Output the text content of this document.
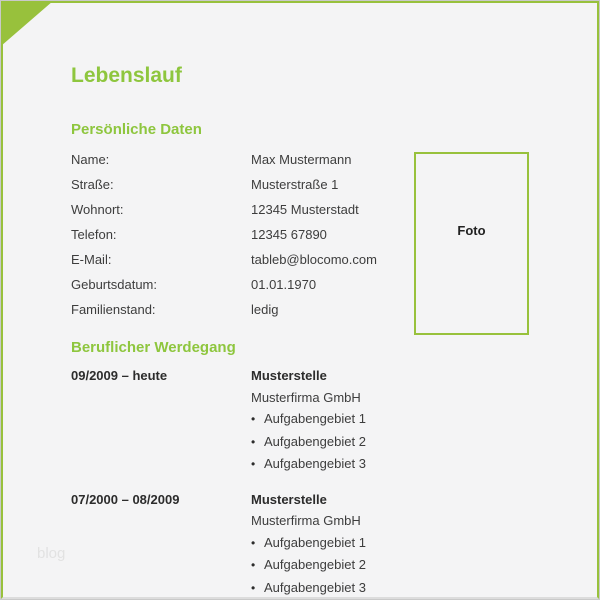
Lebenslauf
Persönliche Daten
Name:	Max Mustermann
Straße:	Musterstraße 1
Wohnort:	12345 Musterstadt
Telefon:	12345 67890
E-Mail:	tableb@blocomo.com
Geburtsdatum:	01.01.1970
Familienstand:	ledig
Foto
Beruflicher Werdegang
09/2009 – heute	Musterstelle
Musterfirma GmbH
• Aufgabengebiet 1
• Aufgabengebiet 2
• Aufgabengebiet 3
07/2000 – 08/2009	Musterstelle
Musterfirma GmbH
• Aufgabengebiet 1
• Aufgabengebiet 2
• Aufgabengebiet 3
blog
